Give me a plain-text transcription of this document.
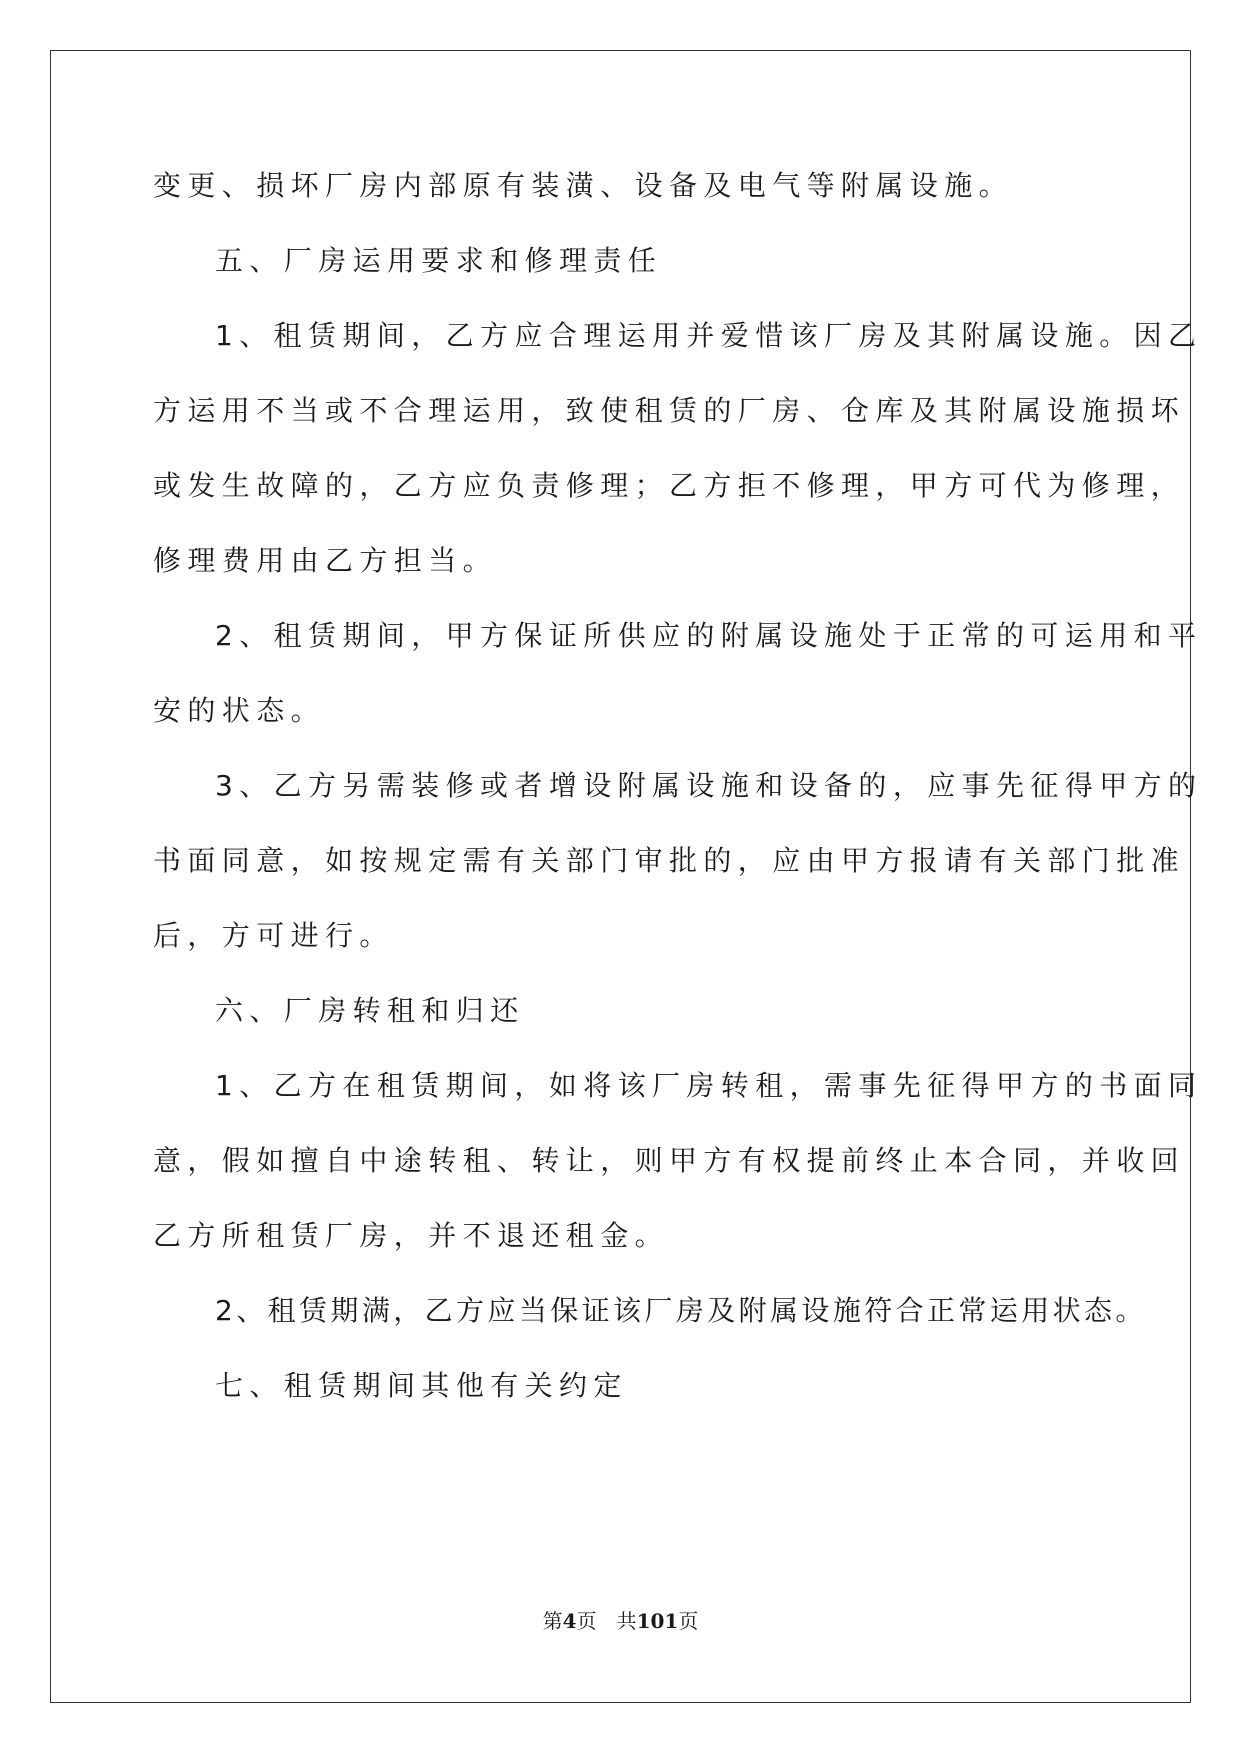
变更、损坏厂房内部原有装潢、设备及电气等附属设施。
五、厂房运用要求和修理责任
1、租赁期间，乙方应合理运用并爱惜该厂房及其附属设施。因乙
方运用不当或不合理运用，致使租赁的厂房、仓库及其附属设施损坏
或发生故障的，乙方应负责修理；乙方拒不修理，甲方可代为修理，
修理费用由乙方担当。
2、租赁期间，甲方保证所供应的附属设施处于正常的可运用和平
安的状态。
3、乙方另需装修或者增设附属设施和设备的，应事先征得甲方的
书面同意，如按规定需有关部门审批的，应由甲方报请有关部门批准
后，方可进行。
六、厂房转租和归还
1、乙方在租赁期间，如将该厂房转租，需事先征得甲方的书面同
意，假如擅自中途转租、转让，则甲方有权提前终止本合同，并收回
乙方所租赁厂房，并不退还租金。
2、租赁期满，乙方应当保证该厂房及附属设施符合正常运用状态。
七、租赁期间其他有关约定
第4页 共101页
